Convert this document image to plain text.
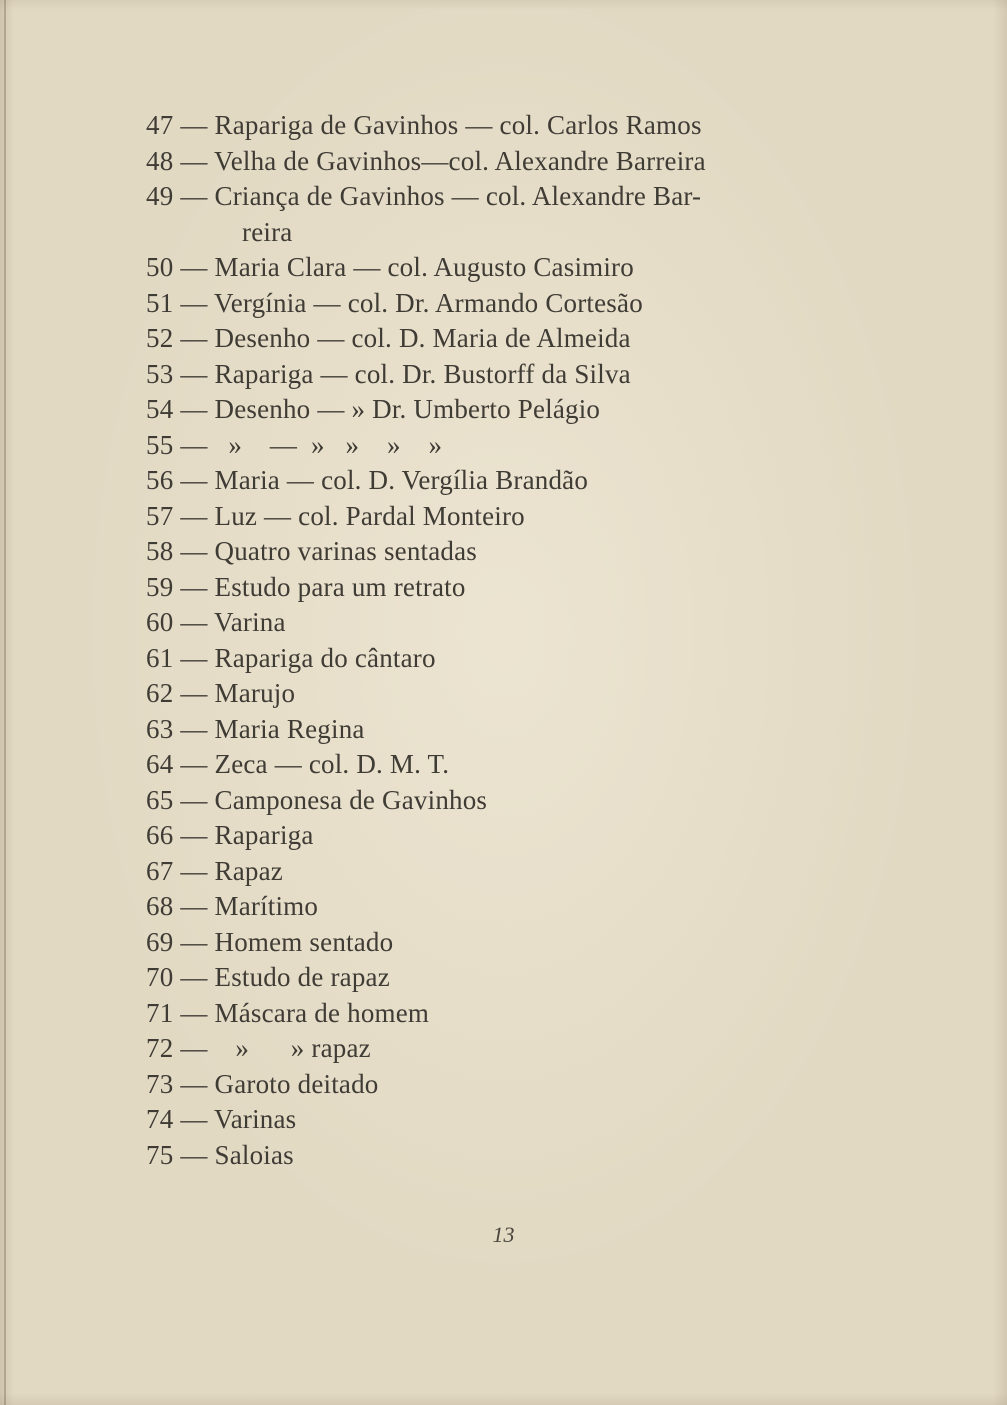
47 — Rapariga de Gavinhos — col. Carlos Ramos
48 — Velha de Gavinhos—col. Alexandre Barreira
49 — Criança de Gavinhos — col. Alexandre Bar-
reira
50 — Maria Clara — col. Augusto Casimiro
51 — Vergínia — col. Dr. Armando Cortesão
52 — Desenho — col. D. Maria de Almeida
53 — Rapariga — col. Dr. Bustorff da Silva
54 — Desenho — » Dr. Umberto Pelágio
55 —   »    —  »   »    »    »
56 — Maria — col. D. Vergília Brandão
57 — Luz — col. Pardal Monteiro
58 — Quatro varinas sentadas
59 — Estudo para um retrato
60 — Varina
61 — Rapariga do cântaro
62 — Marujo
63 — Maria Regina
64 — Zeca — col. D. M. T.
65 — Camponesa de Gavinhos
66 — Rapariga
67 — Rapaz
68 — Marítimo
69 — Homem sentado
70 — Estudo de rapaz
71 — Máscara de homem
72 —    »      » rapaz
73 — Garoto deitado
74 — Varinas
75 — Saloias
13
